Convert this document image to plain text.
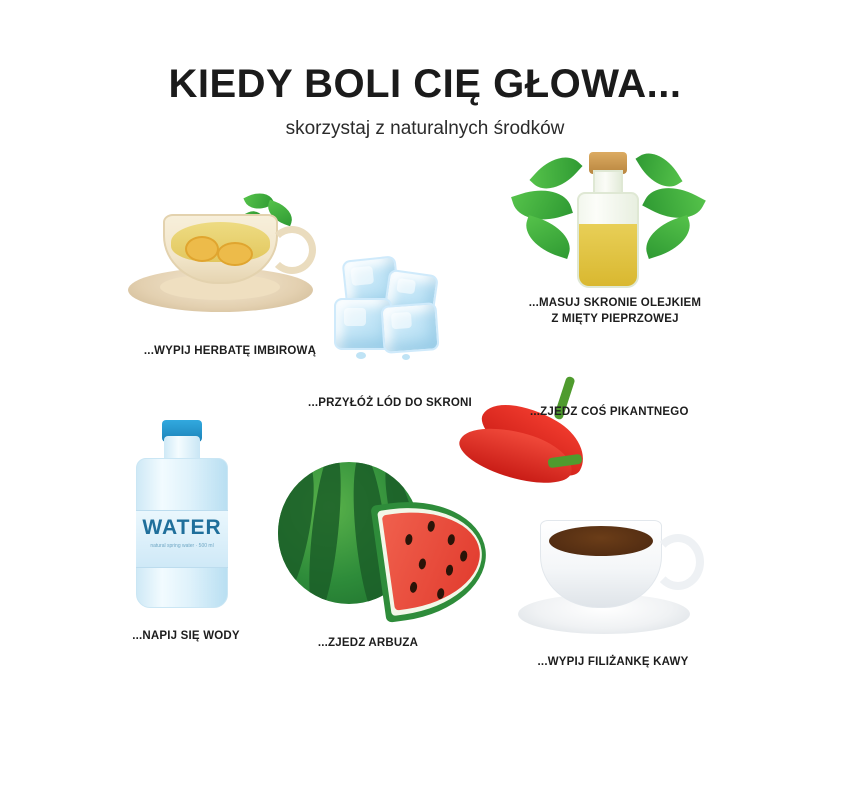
KIEDY BOLI CIĘ GŁOWA...
skorzystaj z naturalnych środków
...WYPIJ HERBATĘ IMBIROWĄ
...PRZYŁÓŻ LÓD DO SKRONI
...MASUJ SKRONIE OLEJKIEM
Z MIĘTY PIEPRZOWEJ
...ZJEDZ COŚ PIKANTNEGO
WATER
natural spring water · 500 ml
...NAPIJ SIĘ WODY
...ZJEDZ ARBUZA
...WYPIJ FILIŻANKĘ KAWY
